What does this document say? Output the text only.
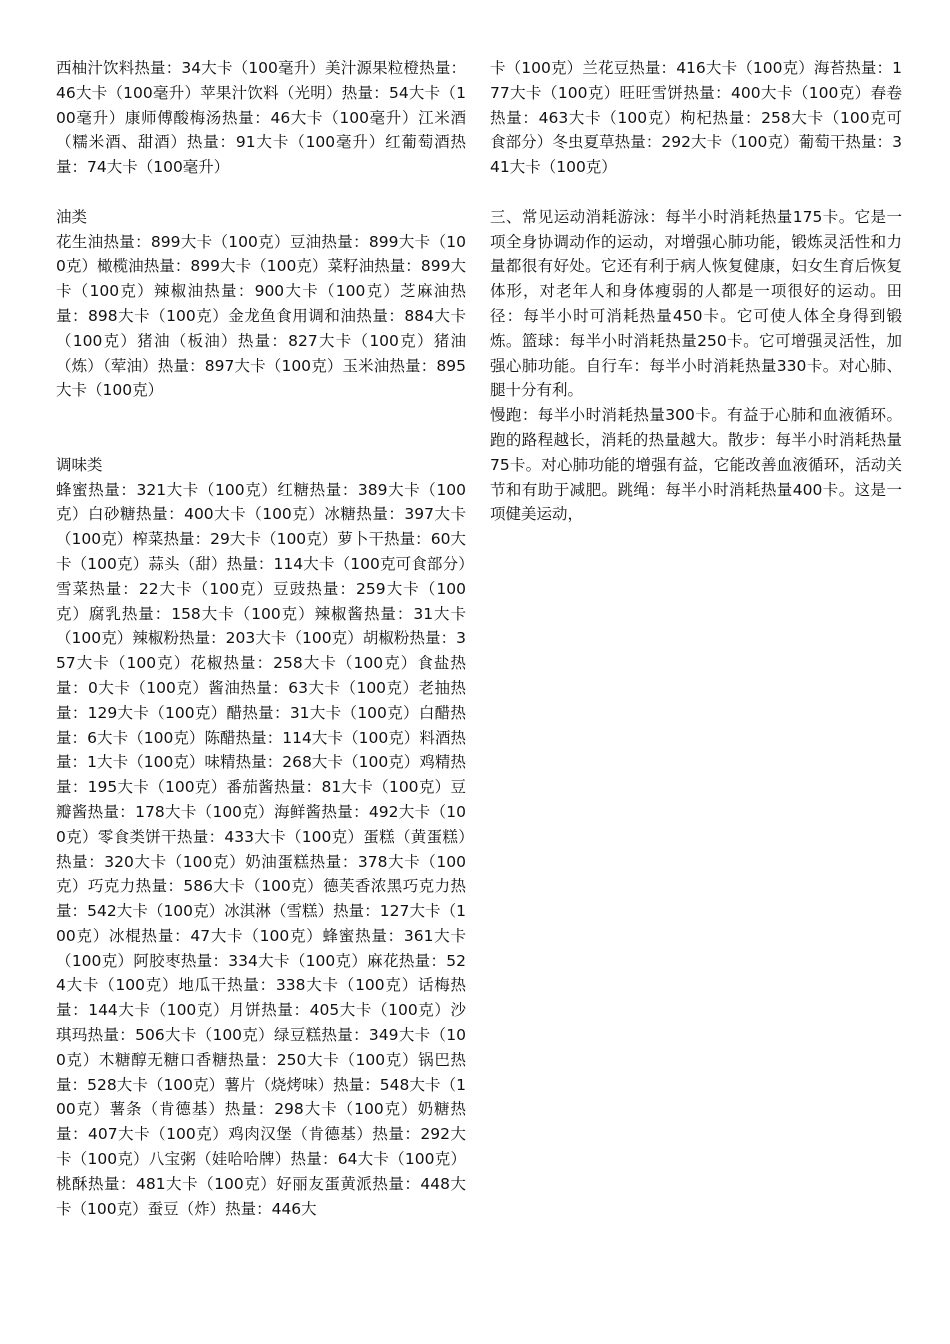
西柚汁饮料热量：34大卡（100毫升）美汁源果粒橙热量：46大卡（100毫升）苹果汁饮料（光明）热量：54大卡（100毫升）康师傅酸梅汤热量：46大卡（100毫升）江米酒（糯米酒、甜酒）热量：91大卡（100毫升）红葡萄酒热量：74大卡（100毫升）

油类

花生油热量：899大卡（100克）豆油热量：899大卡（100克）橄榄油热量：899大卡（100克）菜籽油热量：899大卡（100克）辣椒油热量：900大卡（100克）芝麻油热量：898大卡（100克）金龙鱼食用调和油热量：884大卡（100克）猪油（板油）热量：827大卡（100克）猪油（炼）（荤油）热量：897大卡（100克）玉米油热量：895大卡（100克）

调味类

蜂蜜热量：321大卡（100克）红糖热量：389大卡（100克）白砂糖热量：400大卡（100克）冰糖热量：397大卡（100克）榨菜热量：29大卡（100克）萝卜干热量：60大卡（100克）蒜头（甜）热量：114大卡（100克可食部分）雪菜热量：22大卡（100克）豆豉热量：259大卡（100克）腐乳热量：158大卡（100克）辣椒酱热量：31大卡（100克）辣椒粉热量：203大卡（100克）胡椒粉热量：357大卡（100克）花椒热量：258大卡（100克）食盐热量：0大卡（100克）酱油热量：63大卡（100克）老抽热量：129大卡（100克）醋热量：31大卡（100克）白醋热量：6大卡（100克）陈醋热量：114大卡（100克）料酒热量：1大卡（100克）味精热量：268大卡（100克）鸡精热量：195大卡（100克）番茄酱热量：81大卡（100克）豆瓣酱热量：178大卡（100克）海鲜酱热量：492大卡（100克）零食类饼干热量：433大卡（100克）蛋糕（黄蛋糕）热量：320大卡（100克）奶油蛋糕热量：378大卡（100克）巧克力热量：586大卡（100克）德芙香浓黑巧克力热量：542大卡（100克）冰淇淋（雪糕）热量：127大卡（100克）冰棍热量：47大卡（100克）蜂蜜热量：361大卡（100克）阿胶枣热量：334大卡（100克）麻花热量：524大卡（100克）地瓜干热量：338大卡（100克）话梅热量：144大卡（100克）月饼热量：405大卡（100克）沙琪玛热量：506大卡（100克）绿豆糕热量：349大卡（100克）木糖醇无糖口香糖热量：250大卡（100克）锅巴热量：528大卡（100克）薯片（烧烤味）热量：548大卡（100克）薯条（肯德基）热量：298大卡（100克）奶糖热量：407大卡（100克）鸡肉汉堡（肯德基）热量：292大卡（100克）八宝粥（娃哈哈牌）热量：64大卡（100克）桃酥热量：481大卡（100克）好丽友蛋黄派热量：448大卡（100克）蚕豆（炸）热量：446大

卡（100克）兰花豆热量：416大卡（100克）海苔热量：177大卡（100克）旺旺雪饼热量：400大卡（100克）春卷热量：463大卡（100克）枸杞热量：258大卡（100克可食部分）冬虫夏草热量：292大卡（100克）葡萄干热量：341大卡（100克）

三、常见运动消耗游泳：每半小时消耗热量175卡。它是一项全身协调动作的运动，对增强心肺功能，锻炼灵活性和力量都很有好处。它还有利于病人恢复健康，妇女生育后恢复体形，对老年人和身体瘦弱的人都是一项很好的运动。田径：每半小时可消耗热量450卡。它可使人体全身得到锻炼。篮球：每半小时消耗热量250卡。它可增强灵活性，加强心肺功能。自行车：每半小时消耗热量330卡。对心肺、腿十分有利。

慢跑：每半小时消耗热量300卡。有益于心肺和血液循环。跑的路程越长，消耗的热量越大。散步：每半小时消耗热量75卡。对心肺功能的增强有益，它能改善血液循环，活动关节和有助于减肥。跳绳：每半小时消耗热量400卡。这是一项健美运动，
